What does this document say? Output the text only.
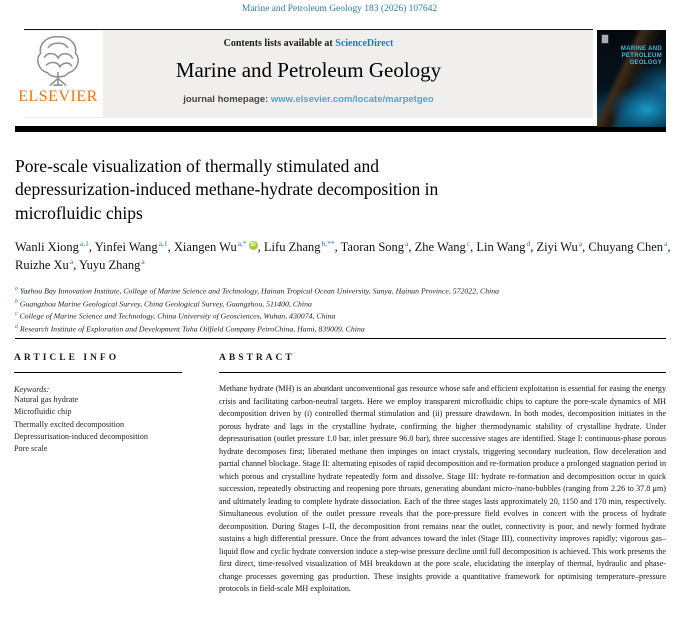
Marine and Petroleum Geology 183 (2026) 107642
Contents lists available at ScienceDirect
Marine and Petroleum Geology
journal homepage: www.elsevier.com/locate/marpetgeo
ELSEVIER
MARINE AND
PETROLEUM
GEOLOGY
Pore-scale visualization of thermally stimulated and depressurization-induced methane-hydrate decomposition in microfluidic chips
Wanli Xiong$^{a,1}$, Yinfei Wang$^{a,1}$, Xiangen $Wu^{a,*}$ iD , Lifu Zhang$^{b,**}$, Taoran Song$^a$, Zhe Wang$^c$, Lin Wang$^d$, Ziyi Wu$^a$, Chuyang Chen$^a$, Ruizhe Xu$^a$, Yuyu Zhang$^a$
$^a$ Yazhou Bay Innovation Institute, College of Marine Science and Technology, Hainan Tropical Ocean University, Sanya, Hainan Province, 572022, China
$^b$ Guangzhou Marine Geological Survey, China Geological Survey, Guangzhou, 511400, China
$^c$ College of Marine Science and Technology, China University of Geosciences, Wuhan, 430074, China
$^d$ Research Institute of Exploration and Development Tuha Oilfield Company PetroChina, Hami, 839009, China
ARTICLE INFO
Keywords:
Natural gas hydrate
Microfluidic chip
Thermally excited decomposition
Depressurisation-induced decomposition
Pore scale
ABSTRACT
Methane hydrate (MH) is an abundant unconventional gas resource whose safe and efficient exploitation is essential for easing the energy crisis and facilitating carbon-neutral targets. Here we employ transparent microfluidic chips to capture the pore-scale dynamics of MH decomposition driven by (i) controlled thermal stimulation and (ii) pressure drawdown. In both modes, decomposition initiates in the porous hydrate and lags in the crystalline hydrate, confirming the higher thermodynamic stability of crystalline hydrate. Under depressurisation (outlet pressure 1.0 bar, inlet pressure 96.0 bar), three successive stages are identified. Stage I: continuous-phase porous hydrate decomposes first; liberated methane then impinges on intact crystals, triggering secondary nucleation, flow deceleration and partial channel blockage. Stage II: alternating episodes of rapid decomposition and re-formation produce a prolonged stagnation period in which porous and crystalline hydrate repeatedly form and dissolve. Stage III: hydrate re-formation and decomposition occur in quick succession, repeatedly obstructing and reopening pore throats, generating abundant micro-/nano-bubbles (ranging from 2.26 to 37.8 μm) and ultimately leading to complete hydrate dissociation. Each of the three stages lasts approximately 20, 1150 and 170 min, respectively. Simultaneous evolution of the outlet pressure reveals that the pore-pressure field evolves in concert with the process of hydrate decomposition. During Stages I–II, the decomposition front remains near the outlet, connectivity is poor, and newly formed hydrate sustains a high differential pressure. Once the front advances toward the inlet (Stage III), connectivity improves rapidly; vigorous gas–liquid flow and cyclic hydrate conversion induce a step-wise pressure decline until full decomposition is achieved. This work presents the first direct, time-resolved visualization of MH breakdown at the pore scale, elucidating the interplay of thermal, hydraulic and phase-change processes governing gas production. These insights provide a quantitative framework for optimising temperature–pressure protocols in field-scale MH exploitation.
